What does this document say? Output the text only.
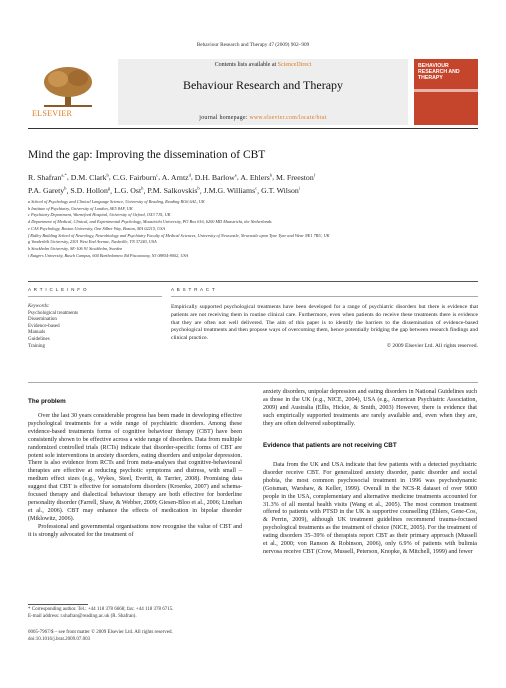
Behaviour Research and Therapy 47 (2009) 902–909
ELSEVIER
Contents lists available at ScienceDirect
Behaviour Research and Therapy
journal homepage: www.elsevier.com/locate/brat
BEHAVIOUR RESEARCH AND THERAPY
Mind the gap: Improving the dissemination of CBT
R. Shafran$^{a,*}$, D.M. Clark$^b$, C.G. Fairburn$^c$, A. Arntz$^d$, D.H. Barlow$^e$, A. Ehlers$^b$, M. Freeston$^f$
P.A. Garety$^b$, S.D. Hollon$^g$, L.G. Ost$^h$, P.M. Salkovskis$^b$, J.M.G. Williams$^c$, G.T. Wilson$^i$

a School of Psychology and Clinical Language Science, University of Reading, Reading RG6 6AL, UK

b Institute of Psychiatry, University of London, SE5 8AF, UK

c Psychiatry Department, Warneford Hospital, University of Oxford, OX3 7JX, UK

d Department of Medical, Clinical, and Experimental Psychology, Maastricht University, PO Box 616, 6200 MD Maastricht, the Netherlands

e CAS Psychology, Boston University, One Silber Way, Boston, MA 02215, USA

f Ridley Building School of Neurology, Neurobiology and Psychiatry Faculty of Medical Sciences, University of Newcastle, Newcastle upon Tyne Tyne and Wear NE1 7RU, UK

g Vanderbilt University, 2301 West End Avenue, Nashville, TN 37240, USA

h Stockholm University, SE-106 91 Stockholm, Sweden

i Rutgers University, Busch Campus, 604 Bartholomew Rd Piscataway, NJ 08854-8002, USA

A R T I C L E I N F O	A B S T R A C T
Keywords:
Psychological treatments
Dissemination
Evidence-based
Manuals
Guidelines
Training
Empirically supported psychological treatments have been developed for a range of psychiatric disorders but there is evidence that patients are not receiving them in routine clinical care. Furthermore, even when patients do receive these treatments there is evidence that they are often not well delivered. The aim of this paper is to identify the barriers to the dissemination of evidence-based psychological treatments and then propose ways of overcoming them, hence potentially bridging the gap between research findings and clinical practice.
© 2009 Elsevier Ltd. All rights reserved.
The problem

Over the last 30 years considerable progress has been made in developing effective psychological treatments for a wide range of psychiatric disorders. Among these evidence-based treatments forms of cognitive behaviour therapy (CBT) have been consistently shown to be effective across a wide range of disorders. Data from multiple randomized controlled trials (RCTs) indicate that disorder-specific forms of CBT are potent sole interventions in anxiety disorders, eating disorders and unipolar depression. There is also evidence from RCTs and from meta-analyses that cognitive-behavioural therapies are effective at reducing psychotic symptoms and distress, with small –medium effect sizes (e.g., Wykes, Steel, Everitt, & Tarrier, 2008). Promising data suggest that CBT is effective for somatoform disorders (Kroenke, 2007) and schema-focused therapy and dialectical behaviour therapy are both effective for borderline personality disorder (Farrell, Shaw, & Webber, 2009; Giesen-Bloo et al., 2006; Linehan et al., 2006). CBT may enhance the effects of medication in bipolar disorder (Miklowitz, 2006).

Professional and governmental organisations now recognise the value of CBT and it is strongly advocated for the treatment of

anxiety disorders, unipolar depression and eating disorders in National Guidelines such as those in the UK (e.g., NICE, 2004), USA (e.g., American Psychiatric Association, 2009) and Australia (Ellis, Hickie, & Smith, 2003) However, there is evidence that such empirically supported treatments are rarely available and, even when they are, they are often delivered suboptimally.

Evidence that patients are not receiving CBT

Data from the UK and USA indicate that few patients with a detected psychiatric disorder receive CBT. For generalized anxiety disorder, panic disorder and social phobia, the most common psychosocial treatment in 1996 was psychodynamic (Goisman, Warshaw, & Keller, 1999). Overall in the NCS-R dataset of over 9000 people in the USA, complementary and alternative medicine treatments accounted for 31.3% of all mental health visits (Wang et al., 2005). The most common treatment offered to patients with PTSD in the UK is supportive counselling (Ehlers, Gene-Cos, & Perrin, 2009), although UK treatment guidelines recommend trauma-focused psychological treatments as the treatment of choice (NICE, 2005). For the treatment of eating disorders 35–39% of therapists report CBT as their primary approach (Mussell et al., 2000; von Ranson & Robinson, 2006), only 6.9% of patients with bulimia nervosa receive CBT (Crow, Mussell, Peterson, Knopke, & Mitchell, 1999) and fewer

* Corresponding author. Tel.: +44 118 378 6668; fax: +44 118 378 6715.
E-mail address: r.shafran@reading.ac.uk (R. Shafran).
0005-7967/$ – see front matter © 2009 Elsevier Ltd. All rights reserved.
doi:10.1016/j.brat.2009.07.003
